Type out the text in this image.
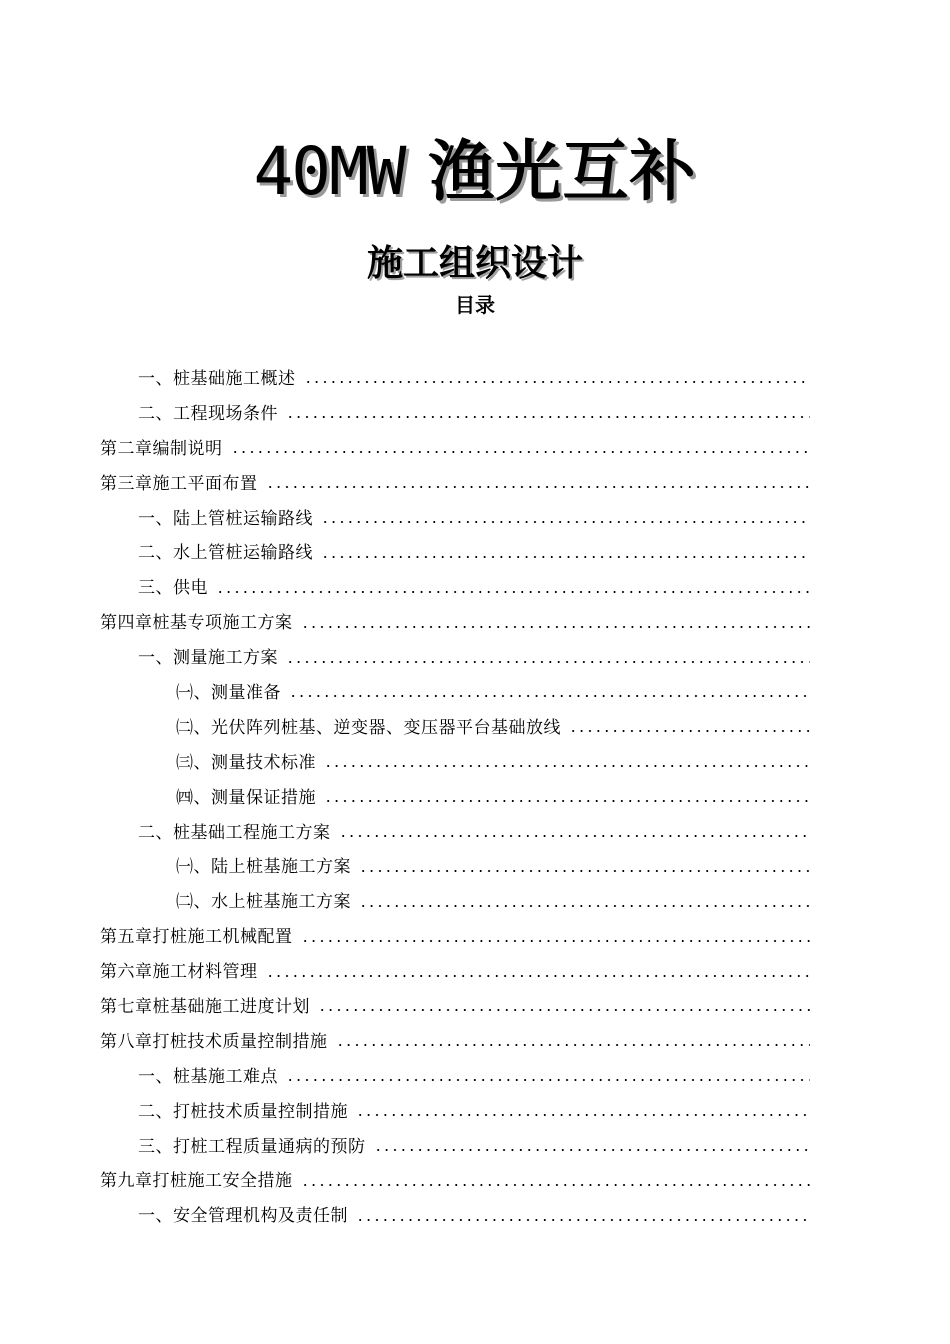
40MW 渔光互补
施工组织设计
目录
一、桩基础施工概述
二、工程现场条件
第二章编制说明
第三章施工平面布置
一、陆上管桩运输路线
二、水上管桩运输路线
三、供电
第四章桩基专项施工方案
一、测量施工方案
㈠、测量准备
㈡、光伏阵列桩基、逆变器、变压器平台基础放线
㈢、测量技术标准
㈣、测量保证措施
二、桩基础工程施工方案
㈠、陆上桩基施工方案
㈡、水上桩基施工方案
第五章打桩施工机械配置
第六章施工材料管理
第七章桩基础施工进度计划
第八章打桩技术质量控制措施
一、桩基施工难点
二、打桩技术质量控制措施
三、打桩工程质量通病的预防
第九章打桩施工安全措施
一、安全管理机构及责任制
